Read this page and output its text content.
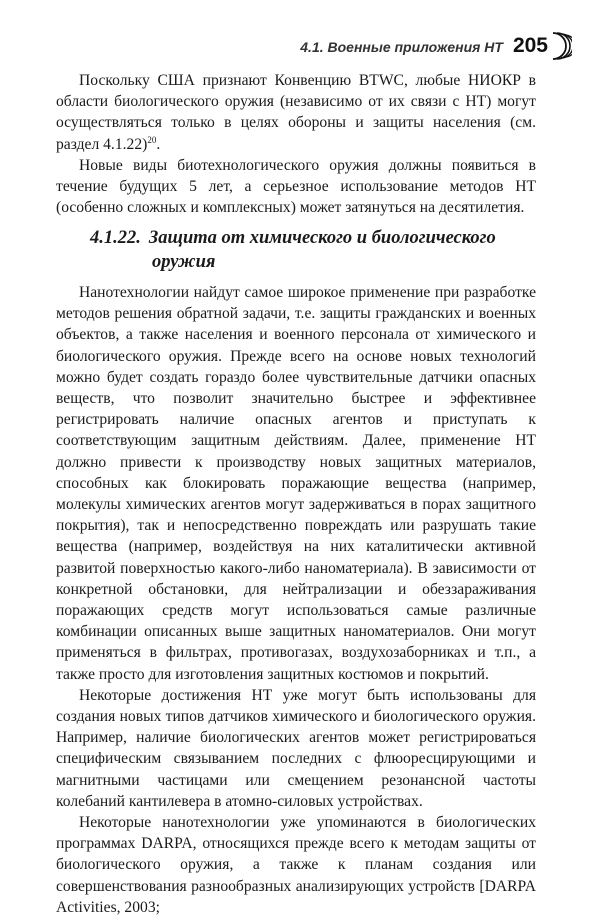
4.1. Военные приложения НТ 205

Поскольку США признают Конвенцию BTWC, любые НИОКР в области биологического оружия (независимо от их связи с НТ) могут осуществляться только в целях обороны и защиты населения (см. раздел 4.1.22)$^{20}$.

Новые виды биотехнологического оружия должны появиться в течение будущих 5 лет, а серьезное использование методов НТ (особенно сложных и комплексных) может затянуться на десятилетия.

4.1.22. Защита от химического и биологического
оружия

Нанотехнологии найдут самое широкое применение при разработке методов решения обратной задачи, т.е. защиты гражданских и военных объектов, а также населения и военного персонала от химического и биологического оружия. Прежде всего на основе новых технологий можно будет создать гораздо более чувствительные датчики опасных веществ, что позволит значительно быстрее и эффективнее регистрировать наличие опасных агентов и приступать к соответствующим защитным действиям. Далее, применение НТ должно привести к производству новых защитных материалов, способных как блокировать поражающие вещества (например, молекулы химических агентов могут задерживаться в порах защитного покрытия), так и непосредственно повреждать или разрушать такие вещества (например, воздействуя на них каталитически активной развитой поверхностью какого-либо наноматериала). В зависимости от конкретной обстановки, для нейтрализации и обеззараживания поражающих средств могут использоваться самые различные комбинации описанных выше защитных наноматериалов. Они могут применяться в фильтрах, противогазах, воздухозаборниках и т.п., а также просто для изготовления защитных костюмов и покрытий.

Некоторые достижения НТ уже могут быть использованы для создания новых типов датчиков химического и биологического оружия. Например, наличие биологических агентов может регистрироваться специфическим связыванием последних с флюоресцирующими и магнитными частицами или смещением резонансной частоты колебаний кантилевера в атомно-силовых устройствах.

Некоторые нанотехнологии уже упоминаются в биологических программах DARPA, относящихся прежде всего к методам защиты от биологического оружия, а также к планам создания или совершенствования разнообразных анализирующих устройств [DARPA Activities, 2003;
